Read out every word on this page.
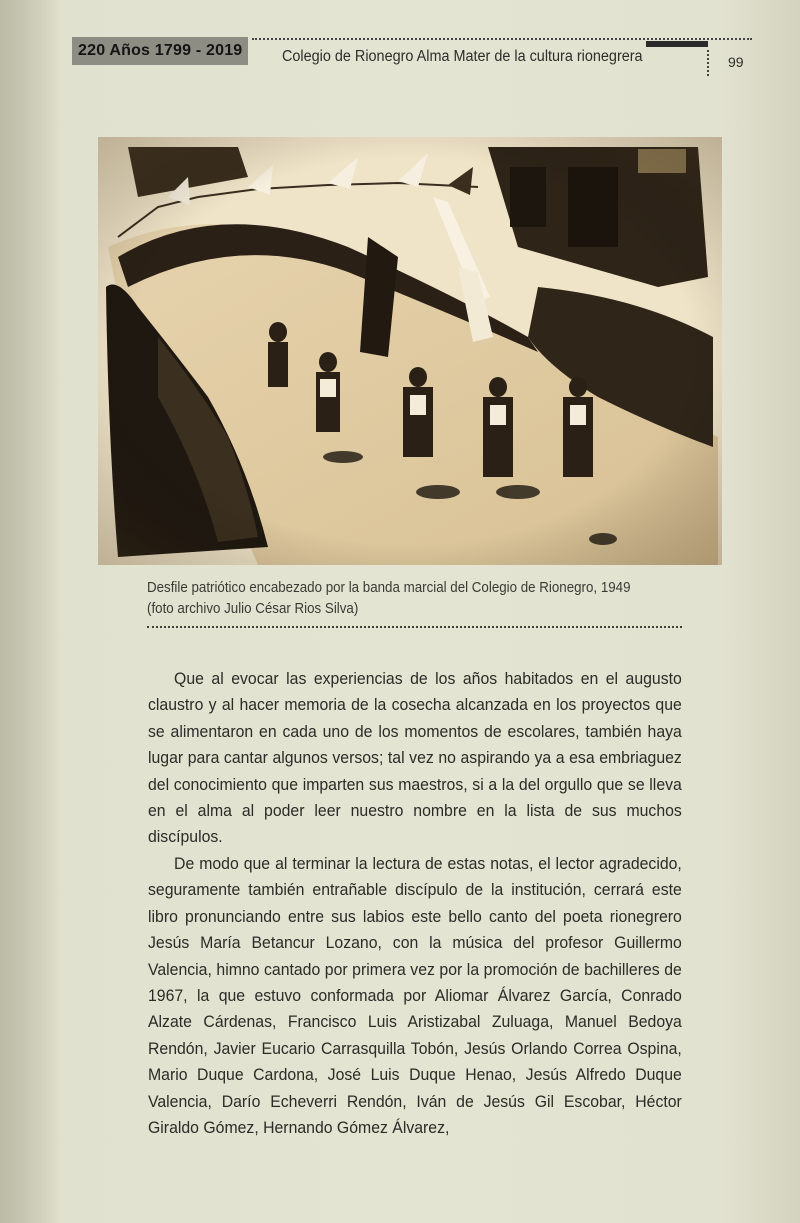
220 Años 1799 - 2019	Colegio de Rionegro Alma Mater de la cultura rionegrera	99
Desfile patriótico encabezado por la banda marcial del Colegio de Rionegro, 1949
(foto archivo Julio César Rios Silva)

Que al evocar las experiencias de los años habitados en el augusto claustro y al hacer memoria de la cosecha alcanzada en los proyectos que se alimentaron en cada uno de los momentos de escolares, también haya lugar para cantar algunos versos; tal vez no aspirando ya a esa embriaguez del conocimiento que imparten sus maestros, si a la del orgullo que se lleva en el alma al poder leer nuestro nombre en la lista de sus muchos discípulos.

De modo que al terminar la lectura de estas notas, el lector agradecido, seguramente también entrañable discípulo de la institución, cerrará este libro pronunciando entre sus labios este bello canto del poeta rionegrero Jesús María Betancur Lozano, con la música del profesor Guillermo Valencia, himno cantado por primera vez por la promoción de bachilleres de 1967, la que estuvo conformada por Aliomar Álvarez García, Conrado Alzate Cárdenas, Francisco Luis Aristizabal Zuluaga, Manuel Bedoya Rendón, Javier Eucario Carrasquilla Tobón, Jesús Orlando Correa Ospina, Mario Duque Cardona, José Luis Duque Henao, Jesús Alfredo Duque Valencia, Darío Echeverri Rendón, Iván de Jesús Gil Escobar, Héctor Giraldo Gómez, Hernando Gómez Álvarez,
